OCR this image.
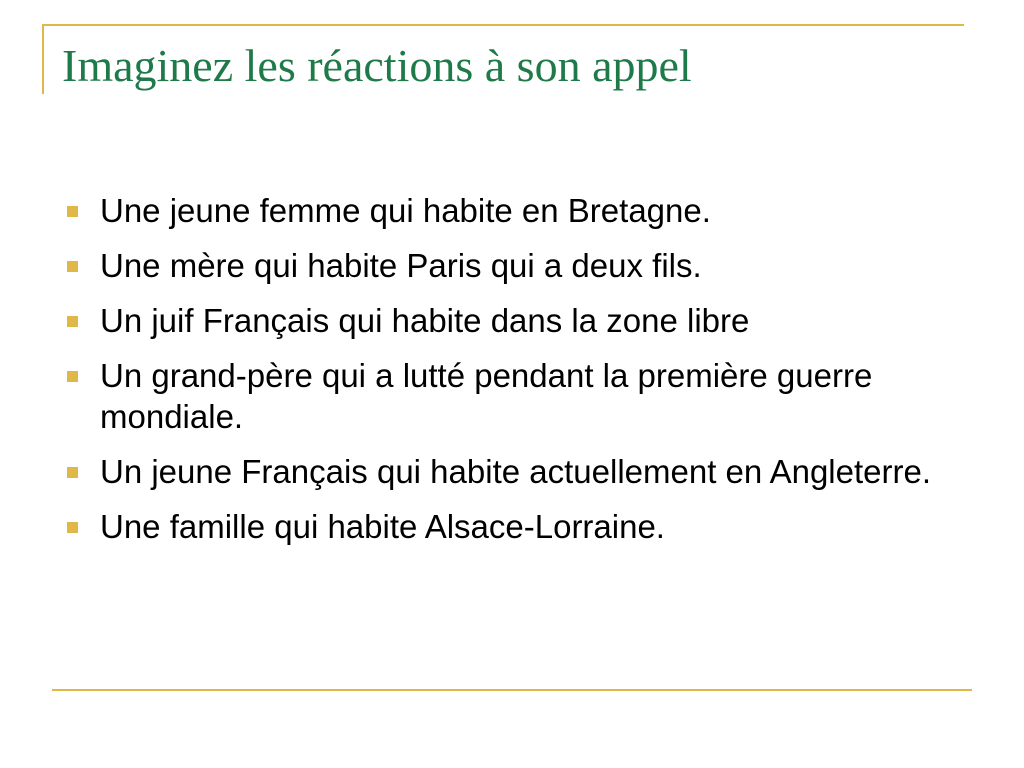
Imaginez les réactions à son appel
Une jeune femme qui habite en Bretagne.
Une mère qui habite Paris qui a deux fils.
Un juif Français qui habite dans la zone libre
Un grand-père qui a lutté pendant la première guerre mondiale.
Un jeune Français qui habite actuellement en Angleterre.
Une famille qui habite Alsace-Lorraine.
